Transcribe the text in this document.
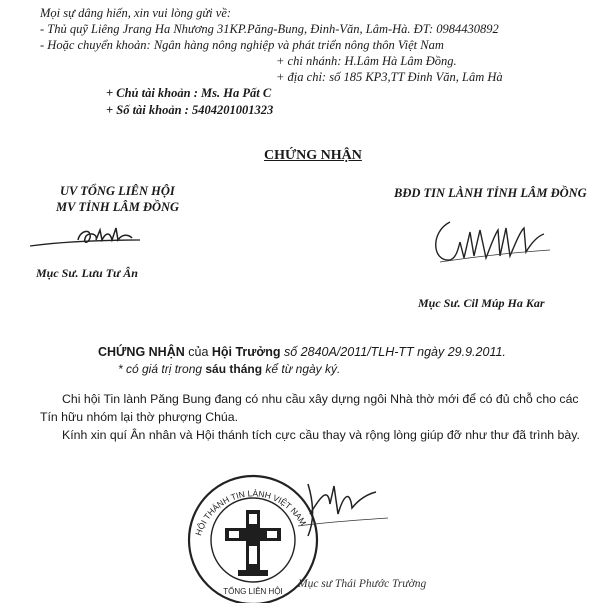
Mọi sự dâng hiến, xin vui lòng gửi về:
- Thủ quỹ Liêng Jrang Ha Nhương 31KP.Păng-Bung, Đinh-Văn, Lâm-Hà. ĐT: 0984430892
- Hoặc chuyển khoản: Ngân hàng nông nghiệp và phát triển nông thôn Việt Nam
+ chi nhánh: H.Lâm Hà Lâm Đồng.
+ địa chỉ: số 185 KP3,TT Đinh Văn, Lâm Hà
+ Chủ tài khoản : Ms. Ha Pất C
+ Số tài khoản : 5404201001323
CHỨNG NHẬN
UV TỔNG LIÊN HỘI
MV TỈNH LÂM ĐỒNG
BĐD TIN LÀNH TỈNH LÂM ĐỒNG
Mục Sư. Lưu Tư Ân
Mục Sư. Cil Múp Ha Kar
CHỨNG NHẬN của Hội Trưởng số 2840A/2011/TLH-TT ngày 29.9.2011.
* có giá trị trong sáu tháng kể từ ngày ký.
Chi hội Tin lành Păng Bung đang có nhu cầu xây dựng ngôi Nhà thờ mới để có đủ chỗ cho các
Tín hữu nhóm lại thờ phượng Chúa.
Kính xin quí Ân nhân và Hội thánh tích cực cầu thay và rộng lòng giúp đỡ như thư đã trình bày.
HỘI THÁNH TIN LÀNH VIỆT NAM
TỔNG LIÊN HỘI
Mục sư Thái Phước Trường
